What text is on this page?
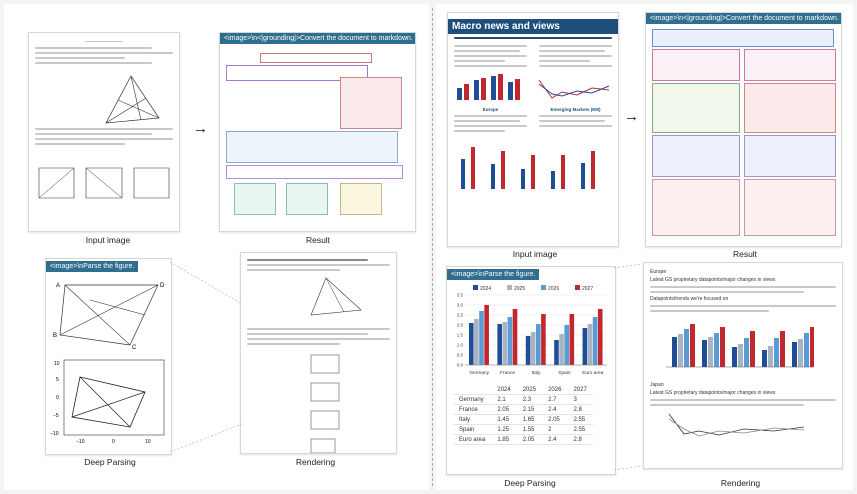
────────────
Input image
→
<image>\n<|grounding|>Convert the document to markdown.
Result
<image>\nParse the figure.
A	D
C
B
10
5
0
−5
−10
−10	0	10
Deep Parsing	Rendering
Macro news and views
Europe	Emerging Markets (EM)
Input image
→
<image>\n<|grounding|>Convert the document to markdown.
Result
<image>\nParse the figure.
2024	2025	2026	2027
0.0
0.5
1.0
1.5
2.0
2.5
3.0
3.5
Germany France	Italy	Spain Euro area
	2024	2025	2026	2027
Germany	2.1	2.3	2.7	3
France	2.05	2.15	2.4	2.8
Italy	1.45	1.65	2.05	2.55
Spain	1.25	1.55	2	2.55
Euro area	1.85	2.05	2.4	2.8
Deep Parsing
Europe
Latest GS proprietary datapoints/major changes in views
Datapoints/trends we're focused on
Japan
Latest GS proprietary datapoints/major changes in views
Rendering
